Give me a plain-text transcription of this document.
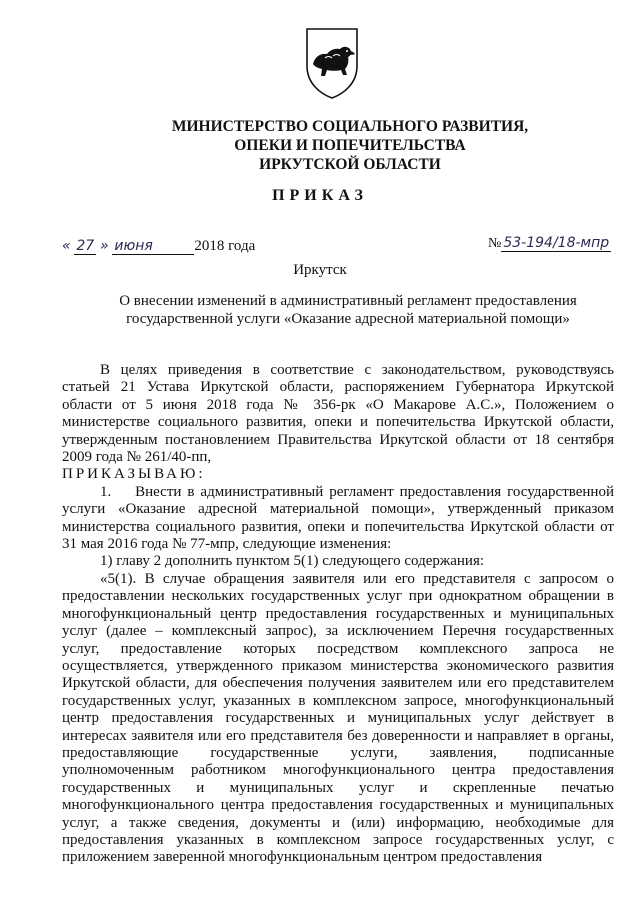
МИНИСТЕРСТВО СОЦИАЛЬНОГО РАЗВИТИЯ,
ОПЕКИ И ПОПЕЧИТЕЛЬСТВА
ИРКУТСКОЙ ОБЛАСТИ
ПРИКАЗ
« 27 » июня	2018 года	№ 53-194/18-мпр
Иркутск
О внесении изменений в административный регламент предоставления государственной услуги «Оказание адресной материальной помощи»

В целях приведения в соответствие с законодательством, руководствуясь статьей 21 Устава Иркутской области, распоряжением Губернатора Иркутской области от 5 июня 2018 года № 356-рк «О Макарове А.С.», Положением о министерстве социального развития, опеки и попечительства Иркутской области, утвержденным постановлением Правительства Иркутской области от 18 сентября 2009 года № 261/40-пп,

ПРИКАЗЫВАЮ:

1.    Внести в административный регламент предоставления государственной услуги «Оказание адресной материальной помощи», утвержденный приказом министерства социального развития, опеки и попечительства Иркутской области от 31 мая 2016 года № 77-мпр, следующие изменения:

1) главу 2 дополнить пунктом 5(1) следующего содержания:

«5(1). В случае обращения заявителя или его представителя с запросом о предоставлении нескольких государственных услуг при однократном обращении в многофункциональный центр предоставления государственных и муниципальных услуг (далее – комплексный запрос), за исключением Перечня государственных услуг, предоставление которых посредством комплексного запроса не осуществляется, утвержденного приказом министерства экономического развития Иркутской области, для обеспечения получения заявителем или его представителем государственных услуг, указанных в комплексном запросе, многофункциональный центр предоставления государственных и муниципальных услуг действует в интересах заявителя или его представителя без доверенности и направляет в органы, предоставляющие государственные услуги, заявления, подписанные уполномоченным работником многофункционального центра предоставления государственных и муниципальных услуг и скрепленные печатью многофункционального центра предоставления государственных и муниципальных услуг, а также сведения, документы и (или) информацию, необходимые для предоставления указанных в комплексном запросе государственных услуг, с приложением заверенной многофункциональным центром предоставления
